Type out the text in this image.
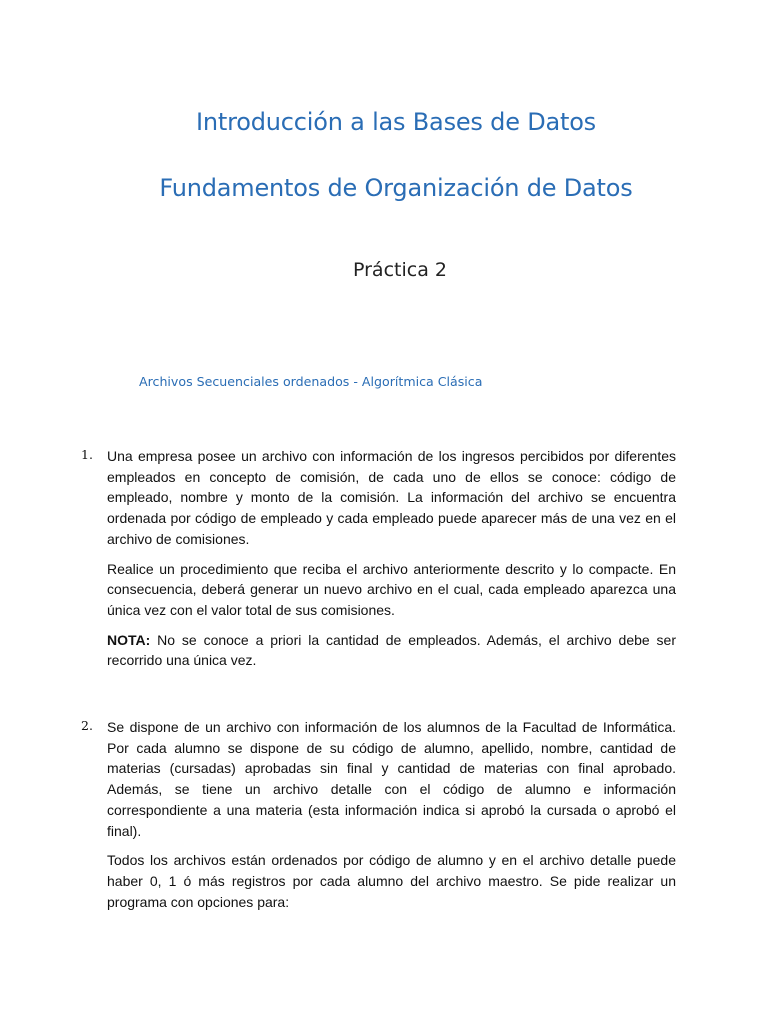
Introducción a las Bases de Datos
Fundamentos de Organización de Datos
Práctica 2
Archivos Secuenciales ordenados - Algorítmica Clásica
1. Una empresa posee un archivo con información de los ingresos percibidos por diferentes empleados en concepto de comisión, de cada uno de ellos se conoce: código de empleado, nombre y monto de la comisión. La información del archivo se encuentra ordenada por código de empleado y cada empleado puede aparecer más de una vez en el archivo de comisiones.

Realice un procedimiento que reciba el archivo anteriormente descrito y lo compacte. En consecuencia, deberá generar un nuevo archivo en el cual, cada empleado aparezca una única vez con el valor total de sus comisiones.

NOTA: No se conoce a priori la cantidad de empleados. Además, el archivo debe ser recorrido una única vez.

2. Se dispone de un archivo con información de los alumnos de la Facultad de Informática. Por cada alumno se dispone de su código de alumno, apellido, nombre, cantidad de materias (cursadas) aprobadas sin final y cantidad de materias con final aprobado. Además, se tiene un archivo detalle con el código de alumno e información correspondiente a una materia (esta información indica si aprobó la cursada o aprobó el final).

Todos los archivos están ordenados por código de alumno y en el archivo detalle puede haber 0, 1 ó más registros por cada alumno del archivo maestro. Se pide realizar un programa con opciones para:
